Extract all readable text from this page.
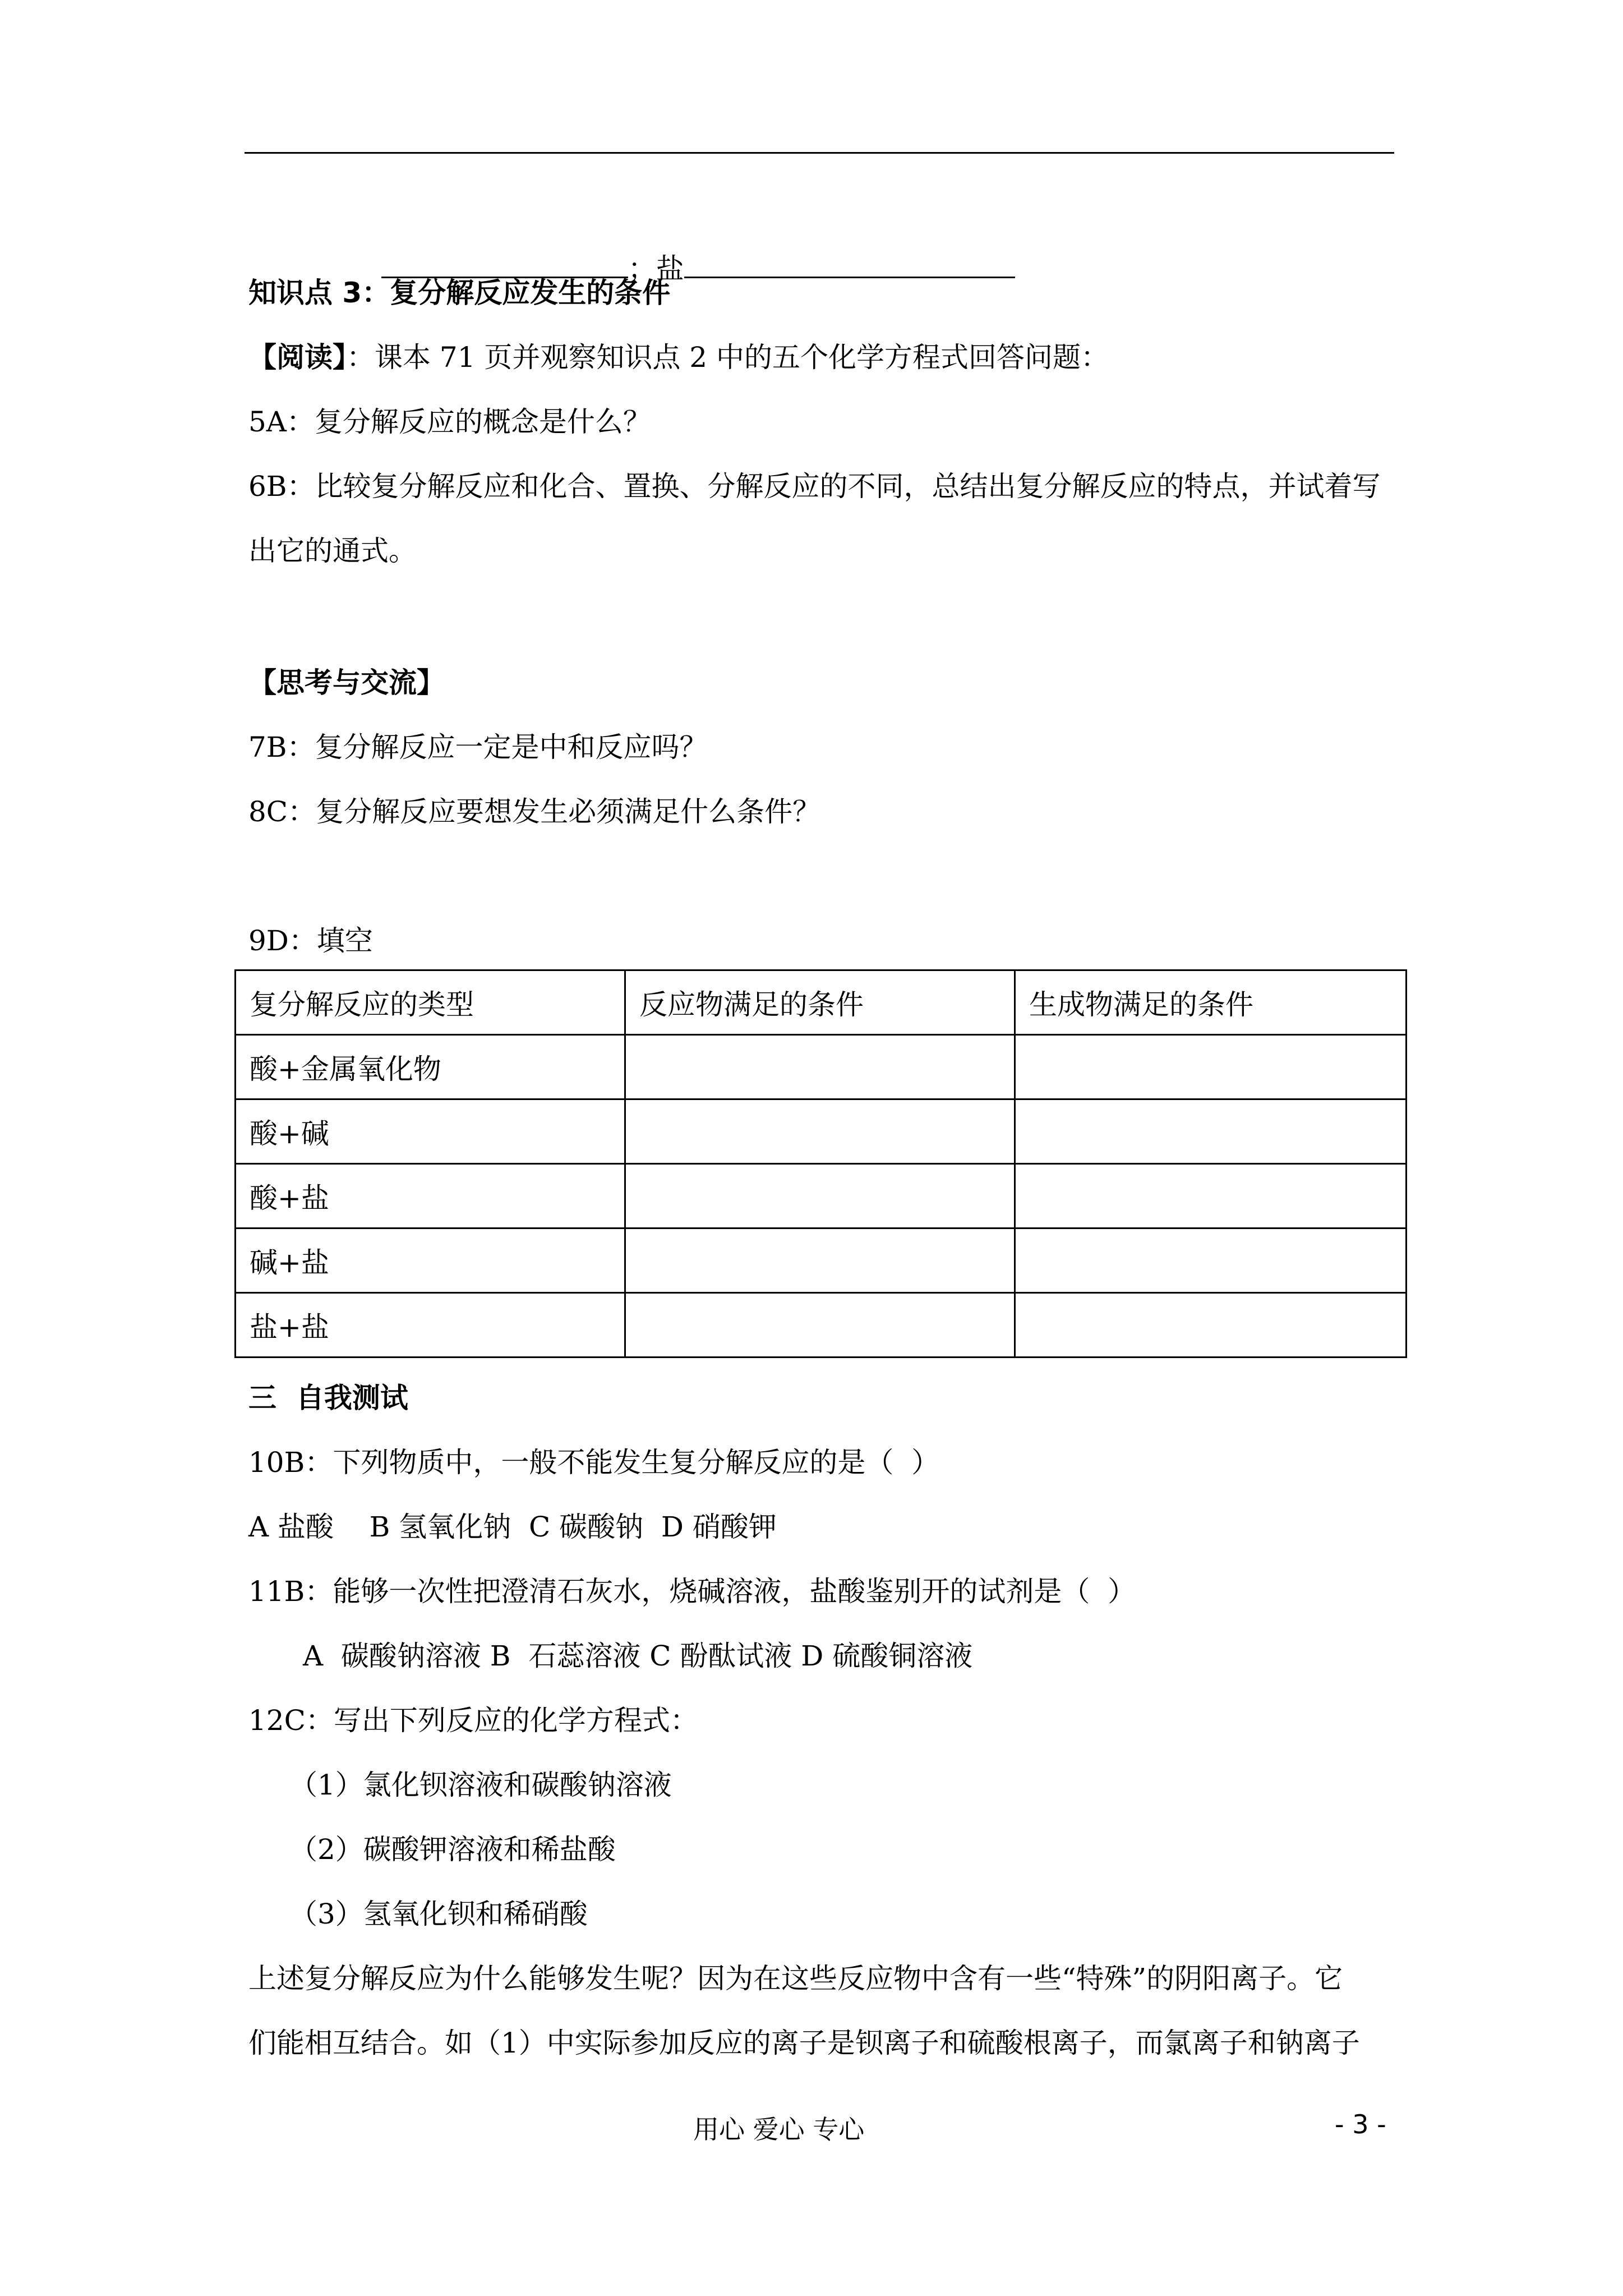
；盐

知识点 3：复分解反应发生的条件
【阅读】：课本 71 页并观察知识点 2 中的五个化学方程式回答问题：
5A：复分解反应的概念是什么？
6B：比较复分解反应和化合、置换、分解反应的不同，总结出复分解反应的特点，并试着写
出它的通式。
【思考与交流】
7B：复分解反应一定是中和反应吗？
8C：复分解反应要想发生必须满足什么条件？
9D：填空
复分解反应的类型	反应物满足的条件	生成物满足的条件
酸+金属氧化物		
酸+碱		
酸+盐		
碱+盐		
盐+盐		
三  自我测试
10B：下列物质中，一般不能发生复分解反应的是（  ）
A 盐酸    B 氢氧化钠  C 碳酸钠  D 硝酸钾
11B：能够一次性把澄清石灰水，烧碱溶液，盐酸鉴别开的试剂是（  ）
A  碳酸钠溶液 B  石蕊溶液 C 酚酞试液 D 硫酸铜溶液
12C：写出下列反应的化学方程式：
（1）氯化钡溶液和碳酸钠溶液
（2）碳酸钾溶液和稀盐酸
（3）氢氧化钡和稀硝酸
上述复分解反应为什么能够发生呢？因为在这些反应物中含有一些“特殊”的阴阳离子。它
们能相互结合。如（1）中实际参加反应的离子是钡离子和硫酸根离子，而氯离子和钠离子
用心 爱心 专心	- 3 -
